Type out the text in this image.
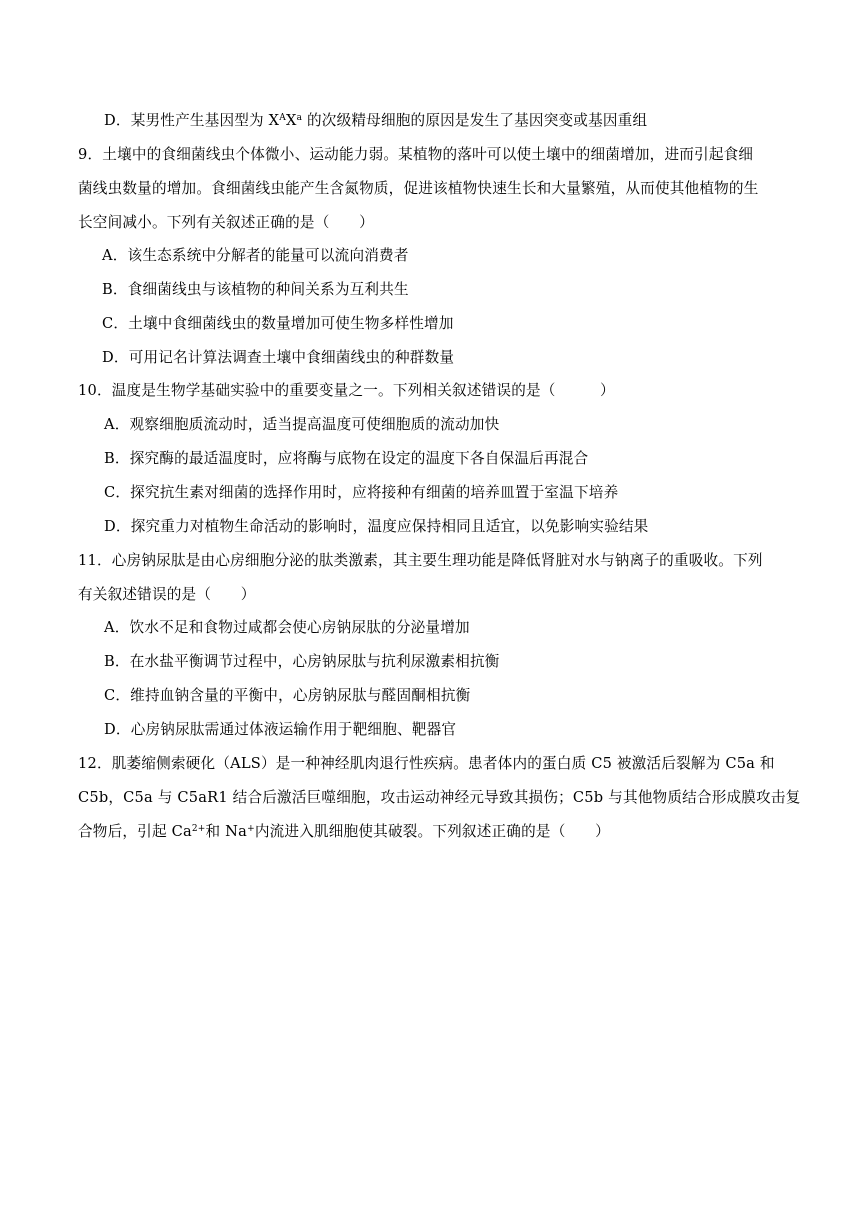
D．某男性产生基因型为 $X^AX^a$ 的次级精母细胞的原因是发生了基因突变或基因重组
9．土壤中的食细菌线虫个体微小、运动能力弱。某植物的落叶可以使土壤中的细菌增加，进而引起食细
菌线虫数量的增加。食细菌线虫能产生含氮物质，促进该植物快速生长和大量繁殖，从而使其他植物的生
长空间减小。下列有关叙述正确的是（　　）
A．该生态系统中分解者的能量可以流向消费者
B．食细菌线虫与该植物的种间关系为互利共生
C．土壤中食细菌线虫的数量增加可使生物多样性增加
D．可用记名计算法调查土壤中食细菌线虫的种群数量
10．温度是生物学基础实验中的重要变量之一。下列相关叙述错误的是（　　　）
A．观察细胞质流动时，适当提高温度可使细胞质的流动加快
B．探究酶的最适温度时，应将酶与底物在设定的温度下各自保温后再混合
C．探究抗生素对细菌的选择作用时，应将接种有细菌的培养皿置于室温下培养
D．探究重力对植物生命活动的影响时，温度应保持相同且适宜，以免影响实验结果
11．心房钠尿肽是由心房细胞分泌的肽类激素，其主要生理功能是降低肾脏对水与钠离子的重吸收。下列
有关叙述错误的是（　　）
A．饮水不足和食物过咸都会使心房钠尿肽的分泌量增加
B．在水盐平衡调节过程中，心房钠尿肽与抗利尿激素相抗衡
C．维持血钠含量的平衡中，心房钠尿肽与醛固酮相抗衡
D．心房钠尿肽需通过体液运输作用于靶细胞、靶器官
12．肌萎缩侧索硬化（ALS）是一种神经肌肉退行性疾病。患者体内的蛋白质 C5 被激活后裂解为 C5a 和
C5b，C5a 与 C5aR1 结合后激活巨噬细胞，攻击运动神经元导致其损伤；C5b 与其他物质结合形成膜攻击复
合物后，引起 $Ca^{2+}$和 Na+内流进入肌细胞使其破裂。下列叙述正确的是（　　）
